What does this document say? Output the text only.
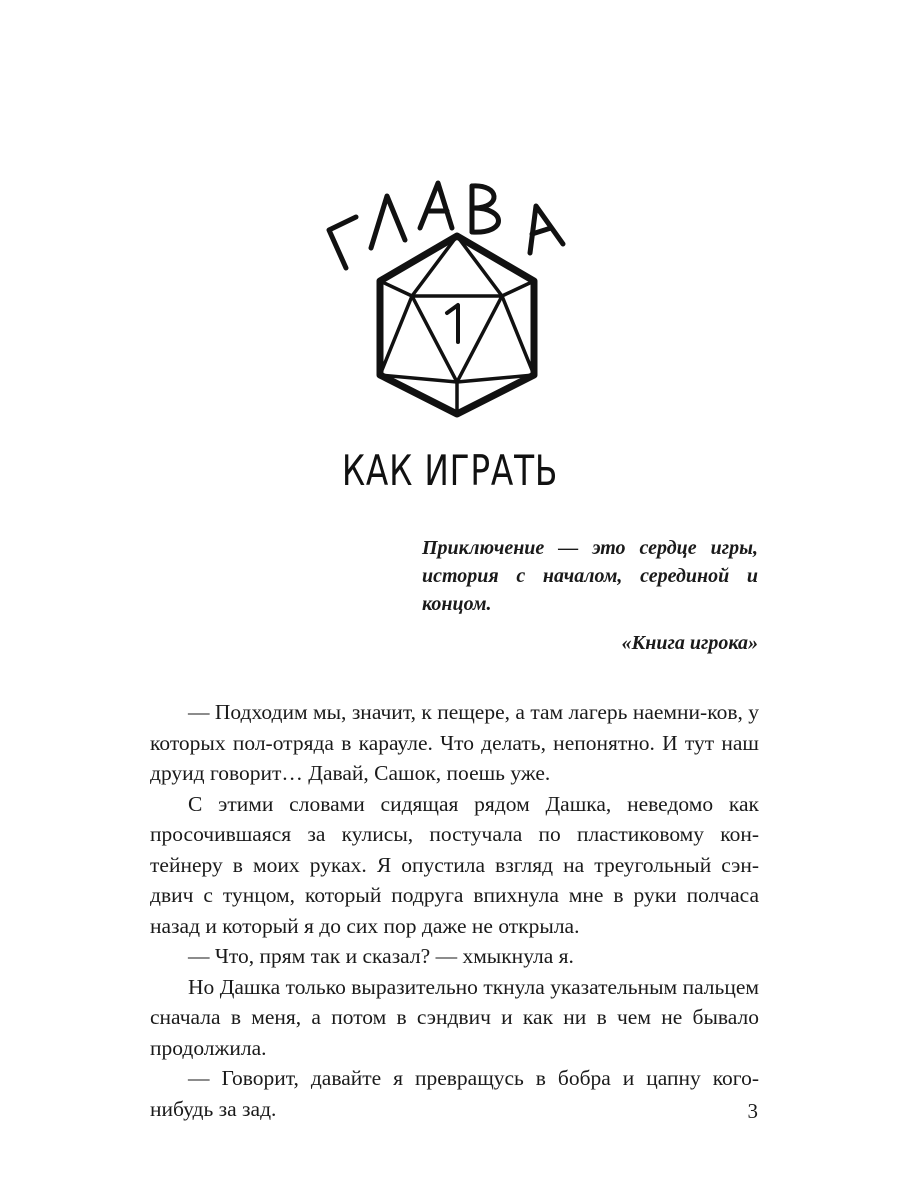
КАК ИГРАТЬ
Приключение — это сердце игры, история с началом, серединой и концом.
«Книга игрока»

— Подходим мы, значит, к пещере, а там лагерь наемни-ков, у которых пол-отряда в карауле. Что делать, непонятно. И тут наш друид говорит… Давай, Сашок, поешь уже.

С этими словами сидящая рядом Дашка, неведомо как просочившаяся за кулисы, постучала по пластиковому кон-тейнеру в моих руках. Я опустила взгляд на треугольный сэн-двич с тунцом, который подруга впихнула мне в руки полчаса назад и который я до сих пор даже не открыла.

— Что, прям так и сказал? — хмыкнула я.

Но Дашка только выразительно ткнула указательным пальцем сначала в меня, а потом в сэндвич и как ни в чем не бывало продолжила.

— Говорит, давайте я превращусь в бобра и цапну кого-нибудь за зад.	3
